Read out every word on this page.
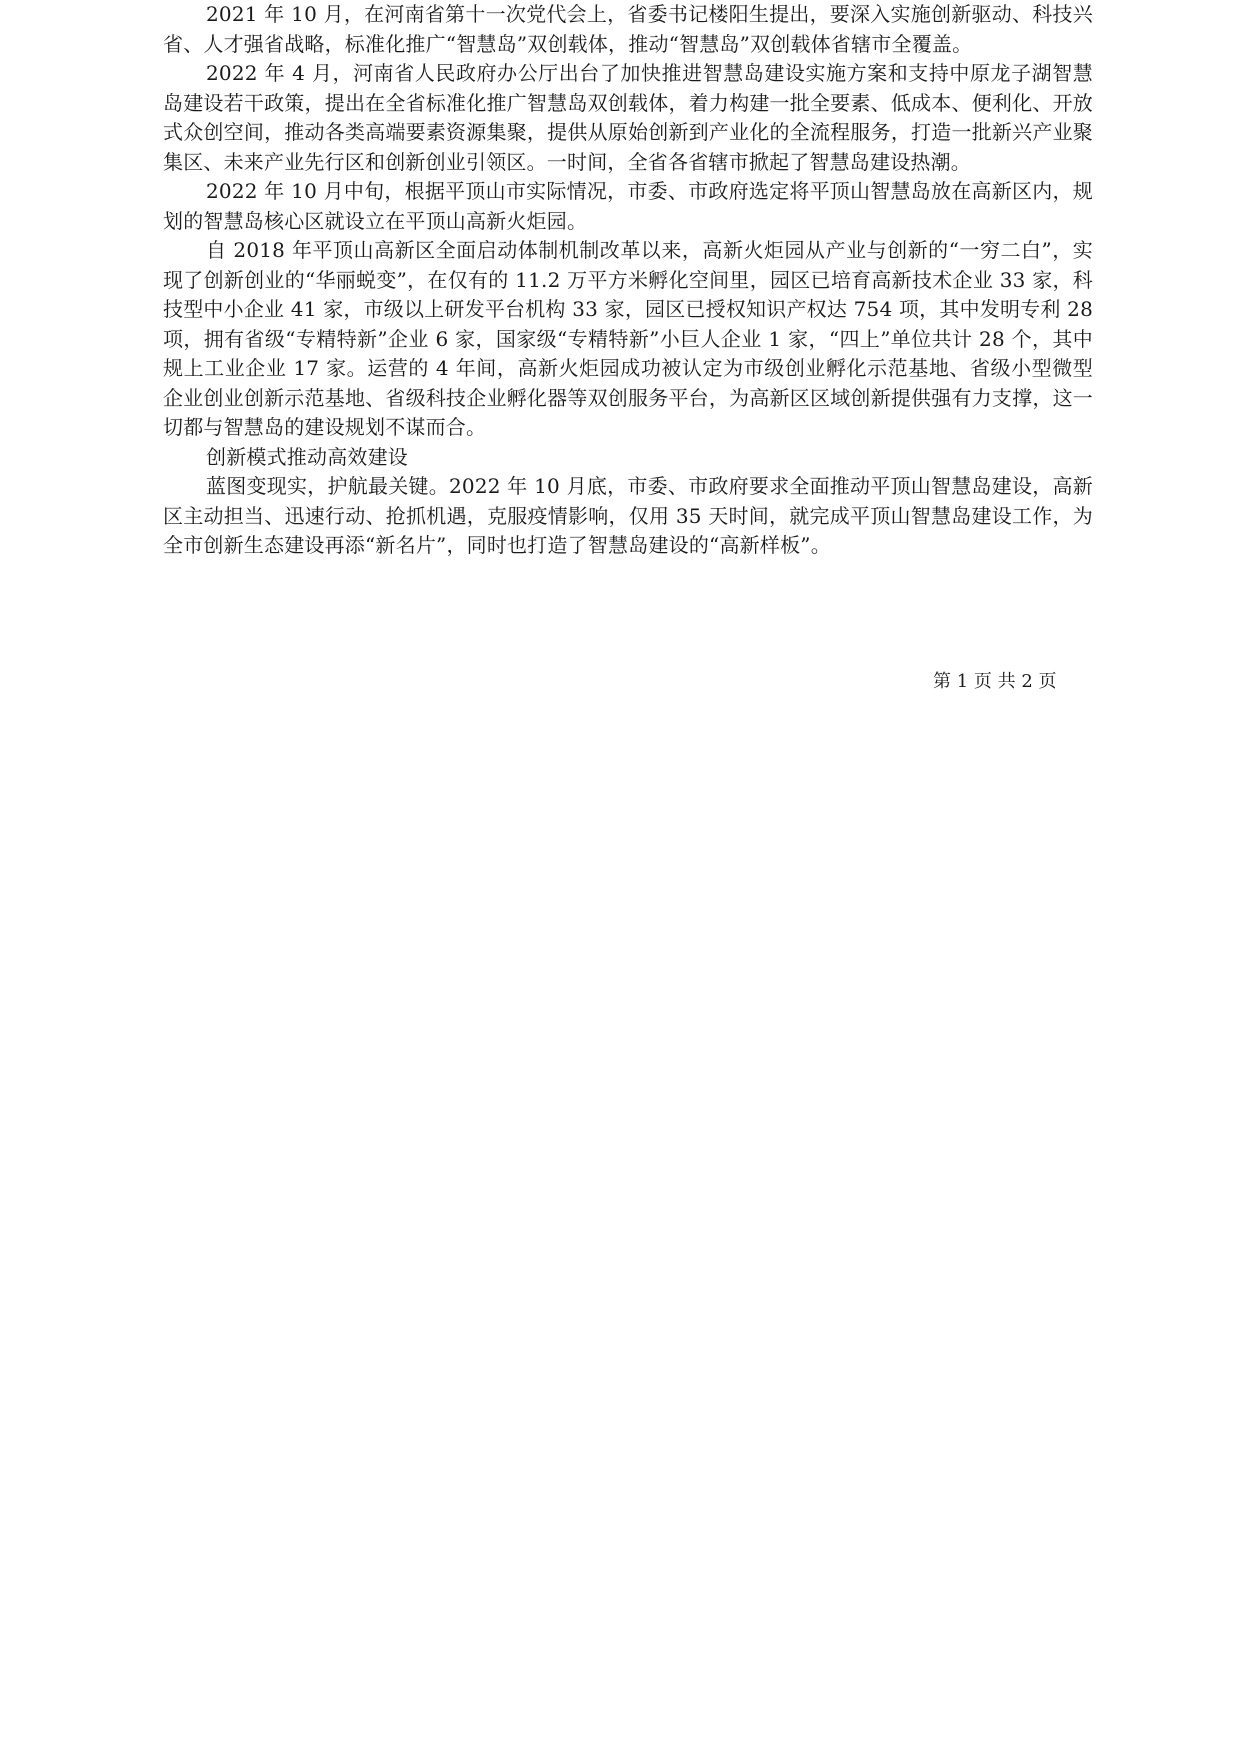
2021 年 10 月，在河南省第十一次党代会上，省委书记楼阳生提出，要深入实施创新驱动、科技兴省、人才强省战略，标准化推广“智慧岛”双创载体，推动“智慧岛”双创载体省辖市全覆盖。

2022 年 4 月，河南省人民政府办公厅出台了加快推进智慧岛建设实施方案和支持中原龙子湖智慧岛建设若干政策，提出在全省标准化推广智慧岛双创载体，着力构建一批全要素、低成本、便利化、开放式众创空间，推动各类高端要素资源集聚，提供从原始创新到产业化的全流程服务，打造一批新兴产业聚集区、未来产业先行区和创新创业引领区。一时间，全省各省辖市掀起了智慧岛建设热潮。

2022 年 10 月中旬，根据平顶山市实际情况，市委、市政府选定将平顶山智慧岛放在高新区内，规划的智慧岛核心区就设立在平顶山高新火炬园。

自 2018 年平顶山高新区全面启动体制机制改革以来，高新火炬园从产业与创新的“一穷二白”，实现了创新创业的“华丽蜕变”，在仅有的 11.2 万平方米孵化空间里，园区已培育高新技术企业 33 家，科技型中小企业 41 家，市级以上研发平台机构 33 家，园区已授权知识产权达 754 项，其中发明专利 28 项，拥有省级“专精特新”企业 6 家，国家级“专精特新”小巨人企业 1 家，“四上”单位共计 28 个，其中规上工业企业 17 家。运营的 4 年间，高新火炬园成功被认定为市级创业孵化示范基地、省级小型微型企业创业创新示范基地、省级科技企业孵化器等双创服务平台，为高新区区域创新提供强有力支撑，这一切都与智慧岛的建设规划不谋而合。

创新模式推动高效建设

蓝图变现实，护航最关键。2022 年 10 月底，市委、市政府要求全面推动平顶山智慧岛建设，高新区主动担当、迅速行动、抢抓机遇，克服疫情影响，仅用 35 天时间，就完成平顶山智慧岛建设工作，为全市创新生态建设再添“新名片”，同时也打造了智慧岛建设的“高新样板”。

第 1 页 共 2 页
